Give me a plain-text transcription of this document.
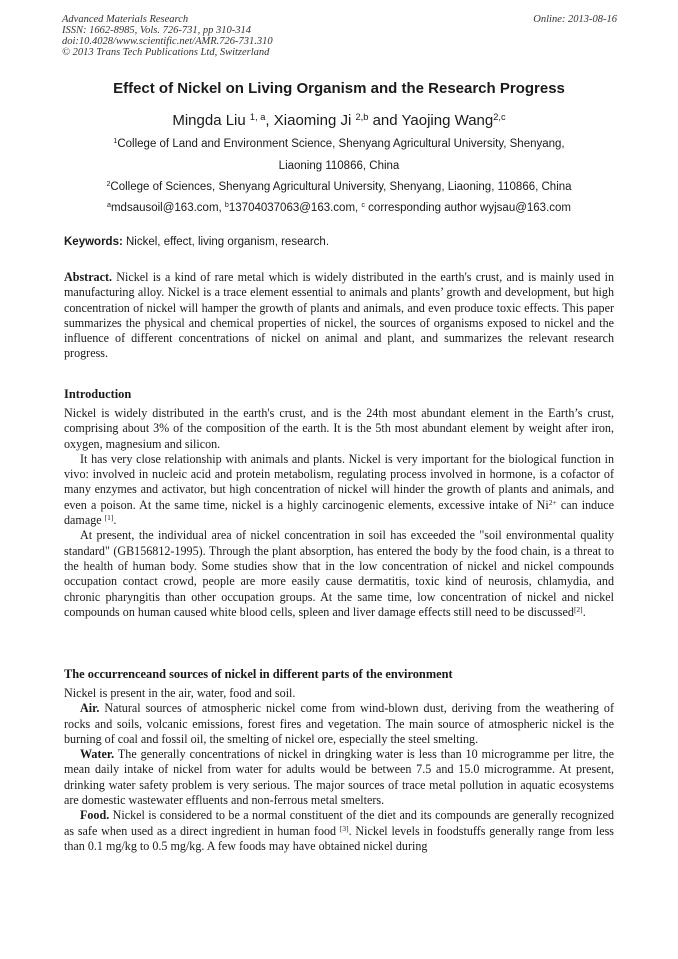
Advanced Materials Research
ISSN: 1662-8985, Vols. 726-731, pp 310-314
doi:10.4028/www.scientific.net/AMR.726-731.310
© 2013 Trans Tech Publications Ltd, Switzerland
Online: 2013-08-16
Effect of Nickel on Living Organism and the Research Progress
Mingda Liu $^{1, a}$, Xiaoming Ji $^{2,b}$ and Yaojing Wang$^{2,c}$
$^1$College of Land and Environment Science, Shenyang Agricultural University, Shenyang,
Liaoning 110866, China
$^2$College of Sciences, Shenyang Agricultural University, Shenyang, Liaoning, 110866, China
$^a$mdsausoil@163.com, $^b$13704037063@163.com, $^c$ corresponding author wyjsau@163.com
Keywords: Nickel, effect, living organism, research.

Abstract. Nickel is a kind of rare metal which is widely distributed in the earth's crust, and is mainly used in manufacturing alloy. Nickel is a trace element essential to animals and plants’ growth and development, but high concentration of nickel will hamper the growth of plants and animals, and even produce toxic effects. This paper summarizes the physical and chemical properties of nickel, the sources of organisms exposed to nickel and the influence of different concentrations of nickel on animal and plant, and summarizes the relevant research progress.

Introduction

Nickel is widely distributed in the earth's crust, and is the 24th most abundant element in the Earth’s crust, comprising about 3% of the composition of the earth. It is the 5th most abundant element by weight after iron, oxygen, magnesium and silicon.

It has very close relationship with animals and plants. Nickel is very important for the biological function in vivo: involved in nucleic acid and protein metabolism, regulating process involved in hormone, is a cofactor of many enzymes and activator, but high concentration of nickel will hinder the growth of plants and animals, and even a poison. At the same time, nickel is a highly carcinogenic elements, excessive intake of $Ni^{2+}$ can induce damage [1].

At present, the individual area of nickel concentration in soil has exceeded the "soil environmental quality standard" (GB156812-1995). Through the plant absorption, has entered the body by the food chain, is a threat to the health of human body. Some studies show that in the low concentration of nickel and nickel compounds occupation contact crowd, people are more easily cause dermatitis, toxic kind of neurosis, chlamydia, and chronic pharyngitis than other occupation groups. At the same time, low concentration of nickel and nickel compounds on human caused white blood cells, spleen and liver damage effects still need to be discussed[2].

The occurrenceand sources of nickel in different parts of the environment

Nickel is present in the air, water, food and soil.

Air. Natural sources of atmospheric nickel come from wind-blown dust, deriving from the weathering of rocks and soils, volcanic emissions, forest fires and vegetation. The main source of atmospheric nickel is the burning of coal and fossil oil, the smelting of nickel ore, especially the steel smelting.

Water. The generally concentrations of nickel in dringking water is less than 10 microgramme per litre, the mean daily intake of nickel from water for adults would be between 7.5 and 15.0 microgramme. At present, drinking water safety problem is very serious. The major sources of trace metal pollution in aquatic ecosystems are domestic wastewater effluents and non-ferrous metal smelters.

Food. Nickel is considered to be a normal constituent of the diet and its compounds are generally recognized as safe when used as a direct ingredient in human food [3]. Nickel levels in foodstuffs generally range from less than 0.1 mg/kg to 0.5 mg/kg. A few foods may have obtained nickel during
